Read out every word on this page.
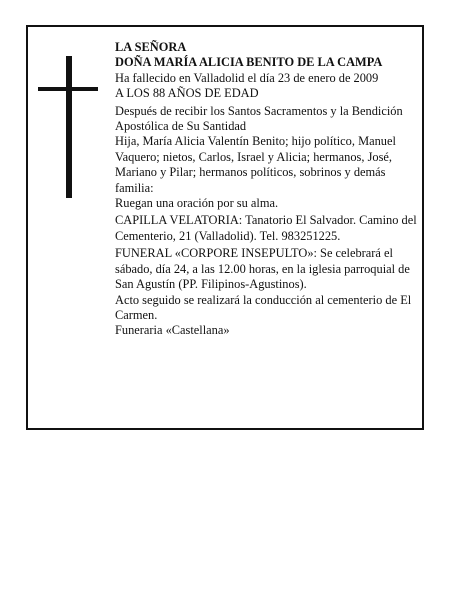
LA SEÑORA

DOÑA MARÍA ALICIA BENITO DE LA CAMPA

Ha fallecido en Valladolid el día 23 de enero de 2009

A LOS 88 AÑOS DE EDAD

Después de recibir los Santos Sacramentos y la Bendición Apostólica de Su Santidad

Hija, María Alicia Valentín Benito; hijo político, Manuel Vaquero; nietos, Carlos, Israel y Alicia; hermanos, José, Mariano y Pilar; hermanos políticos, sobrinos y demás familia:

Ruegan una oración por su alma.

CAPILLA VELATORIA: Tanatorio El Salvador. Camino del Cementerio, 21 (Valladolid). Tel. 983251225.

FUNERAL «CORPORE INSEPULTO»: Se celebrará el sábado, día 24, a las 12.00 horas, en la iglesia parroquial de San Agustín (PP. Filipinos-Agustinos).

Acto seguido se realizará la conducción al cementerio de El Carmen.

Funeraria «Castellana»
